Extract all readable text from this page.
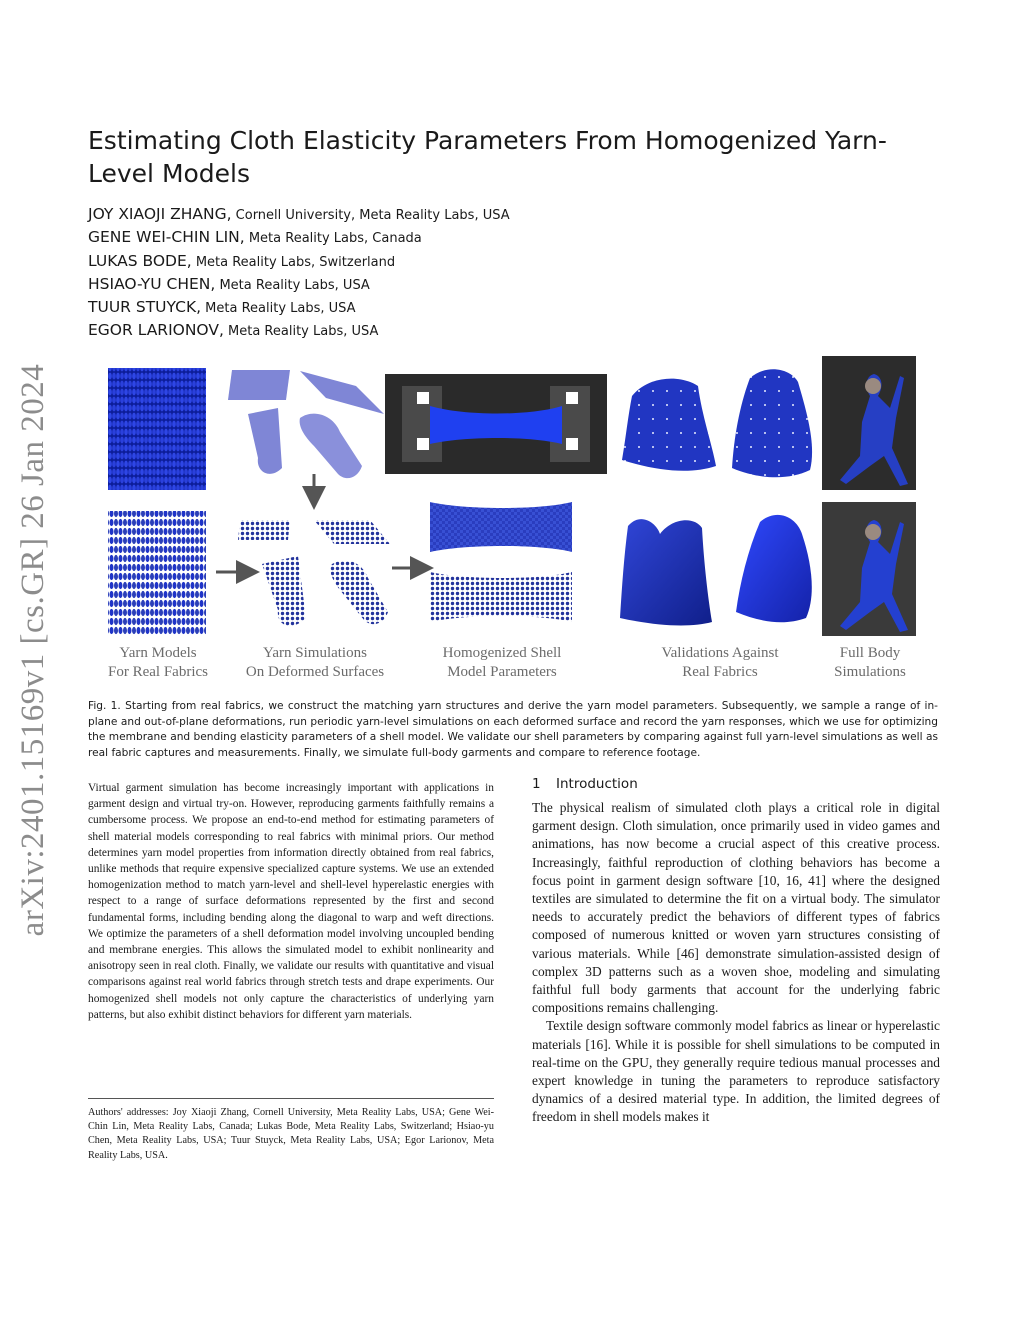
arXiv:2401.15169v1 [cs.GR] 26 Jan 2024
Estimating Cloth Elasticity Parameters From Homogenized Yarn-Level Models
JOY XIAOJI ZHANG, Cornell University, Meta Reality Labs, USA
GENE WEI-CHIN LIN, Meta Reality Labs, Canada
LUKAS BODE, Meta Reality Labs, Switzerland
HSIAO-YU CHEN, Meta Reality Labs, USA
TUUR STUYCK, Meta Reality Labs, USA
EGOR LARIONOV, Meta Reality Labs, USA
Yarn Models
For Real Fabrics
Yarn Simulations
On Deformed Surfaces
Homogenized Shell
Model Parameters
Validations Against
Real Fabrics
Full Body
Simulations
Fig. 1. Starting from real fabrics, we construct the matching yarn structures and derive the yarn model parameters. Subsequently, we sample a range of in-plane and out-of-plane deformations, run periodic yarn-level simulations on each deformed surface and record the yarn responses, which we use for optimizing the membrane and bending elasticity parameters of a shell model. We validate our shell parameters by comparing against full yarn-level simulations as well as real fabric captures and measurements. Finally, we simulate full-body garments and compare to reference footage.
Virtual garment simulation has become increasingly important with applications in garment design and virtual try-on. However, reproducing garments faithfully remains a cumbersome process. We propose an end-to-end method for estimating parameters of shell material models corresponding to real fabrics with minimal priors. Our method determines yarn model properties from information directly obtained from real fabrics, unlike methods that require expensive specialized capture systems. We use an extended homogenization method to match yarn-level and shell-level hyperelastic energies with respect to a range of surface deformations represented by the first and second fundamental forms, including bending along the diagonal to warp and weft directions. We optimize the parameters of a shell deformation model involving uncoupled bending and membrane energies. This allows the simulated model to exhibit nonlinearity and anisotropy seen in real cloth. Finally, we validate our results with quantitative and visual comparisons against real world fabrics through stretch tests and drape experiments. Our homogenized shell models not only capture the characteristics of underlying yarn patterns, but also exhibit distinct behaviors for different yarn materials.
Authors' addresses: Joy Xiaoji Zhang, Cornell University, Meta Reality Labs, USA; Gene Wei-Chin Lin, Meta Reality Labs, Canada; Lukas Bode, Meta Reality Labs, Switzerland; Hsiao-yu Chen, Meta Reality Labs, USA; Tuur Stuyck, Meta Reality Labs, USA; Egor Larionov, Meta Reality Labs, USA.
1 Introduction

The physical realism of simulated cloth plays a critical role in digital garment design. Cloth simulation, once primarily used in video games and animations, has now become a crucial aspect of this creative process. Increasingly, faithful reproduction of clothing behaviors has become a focus point in garment design software [10, 16, 41] where the designed textiles are simulated to determine the fit on a virtual body. The simulator needs to accurately predict the behaviors of different types of fabrics composed of numerous knitted or woven yarn structures consisting of various materials. While [46] demonstrate simulation-assisted design of complex 3D patterns such as a woven shoe, modeling and simulating faithful full body garments that account for the underlying fabric compositions remains challenging.

Textile design software commonly model fabrics as linear or hyperelastic materials [16]. While it is possible for shell simulations to be computed in real-time on the GPU, they generally require tedious manual processes and expert knowledge in tuning the parameters to reproduce satisfactory dynamics of a desired material type. In addition, the limited degrees of freedom in shell models makes it
